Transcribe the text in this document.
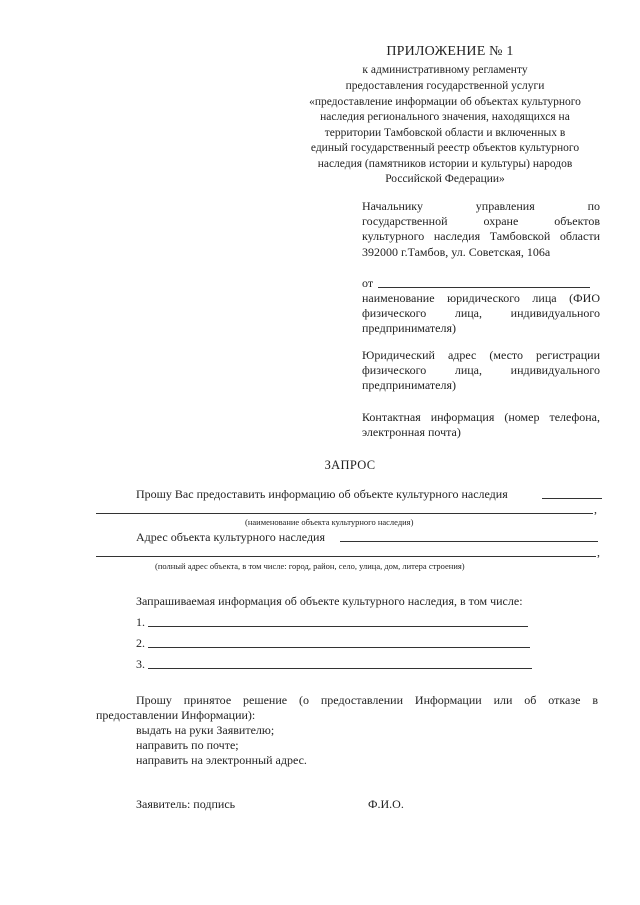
ПРИЛОЖЕНИЕ № 1
к административному регламенту
предоставления государственной услуги
«предоставление информации об объектах культурного
наследия регионального значения, находящихся на
территории Тамбовской области и включенных в
единый государственный реестр объектов культурного
наследия (памятников истории и культуры) народов
Российской Федерации»
Начальнику управления по
государственной охране объектов
культурного наследия Тамбовской области
392000 г.Тамбов, ул. Советская, 106а
от
наименование юридического лица (ФИО
физического лица, индивидуального
предпринимателя)
Юридический адрес (место регистрации
физического лица, индивидуального
предпринимателя)
Контактная информация (номер телефона,
электронная почта)
ЗАПРОС
Прошу Вас предоставить информацию об объекте культурного наследия
,
(наименование объекта культурного наследия)
Адрес объекта культурного наследия
,
(полный адрес объекта, в том числе: город, район, село, улица, дом, литера строения)
Запрашиваемая информация об объекте культурного наследия, в том числе:
1.
2.
3.
Прошу принятое решение (о предоставлении Информации или об отказе в
предоставлении Информации):
выдать на руки Заявителю;
направить по почте;
направить на электронный адрес.
Заявитель: подпись	Ф.И.О.
